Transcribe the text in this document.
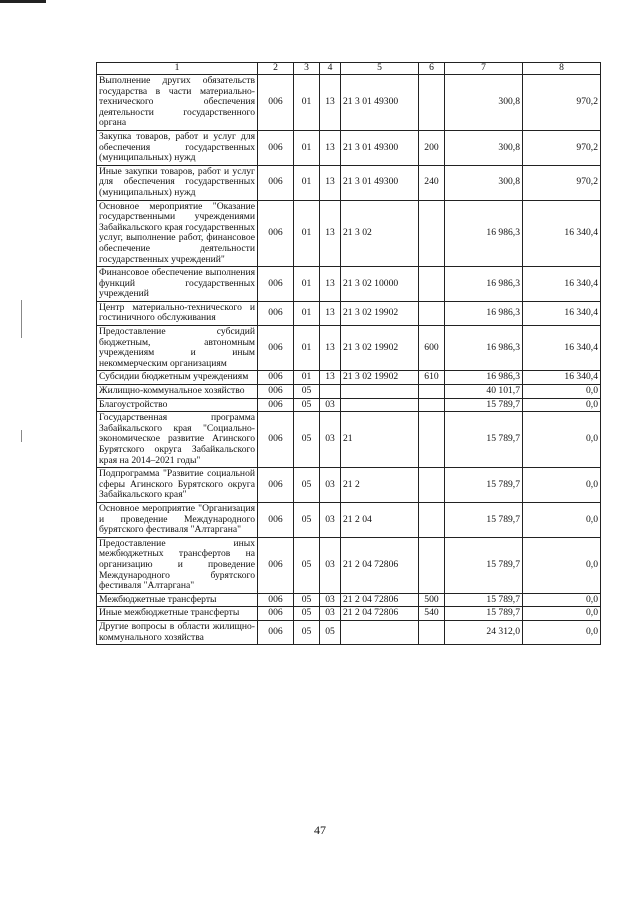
1	2	3	4	5	6	7	8
Выполнение других обязательств государства в части материально-технического обеспечения деятельности государственного органа	006	01	13	21 3 01 49300		300,8	970,2
Закупка товаров, работ и услуг для обеспечения государственных (муниципальных) нужд	006	01	13	21 3 01 49300	200	300,8	970,2
Иные закупки товаров, работ и услуг для обеспечения государственных (муниципальных) нужд	006	01	13	21 3 01 49300	240	300,8	970,2
Основное мероприятие "Оказание государственными учреждениями Забайкальского края государственных услуг, выполнение работ, финансовое обеспечение деятельности государственных учреждений"	006	01	13	21 3 02		16 986,3	16 340,4
Финансовое обеспечение выполнения функций государственных учреждений	006	01	13	21 3 02 10000		16 986,3	16 340,4
Центр материально-технического и гостиничного обслуживания	006	01	13	21 3 02 19902		16 986,3	16 340,4
Предоставление субсидий бюджетным, автономным учреждениям и иным некоммерческим организациям	006	01	13	21 3 02 19902	600	16 986,3	16 340,4
Субсидии бюджетным учреждениям	006	01	13	21 3 02 19902	610	16 986,3	16 340,4
Жилищно-коммунальное хозяйство	006	05				40 101,7	0,0
Благоустройство	006	05	03			15 789,7	0,0
Государственная программа Забайкальского края "Социально-экономическое развитие Агинского Бурятского округа Забайкальского края на 2014–2021 годы"	006	05	03	21		15 789,7	0,0
Подпрограмма "Развитие социальной сферы Агинского Бурятского округа Забайкальского края"	006	05	03	21 2		15 789,7	0,0
Основное мероприятие "Организация и проведение Международного бурятского фестиваля "Алтаргана"	006	05	03	21 2 04		15 789,7	0,0
Предоставление иных межбюджетных трансфертов на организацию и проведение Международного бурятского фестиваля "Алтаргана"	006	05	03	21 2 04 72806		15 789,7	0,0
Межбюджетные трансферты	006	05	03	21 2 04 72806	500	15 789,7	0,0
Иные межбюджетные трансферты	006	05	03	21 2 04 72806	540	15 789,7	0,0
Другие вопросы в области жилищно-коммунального хозяйства	006	05	05			24 312,0	0,0
47
